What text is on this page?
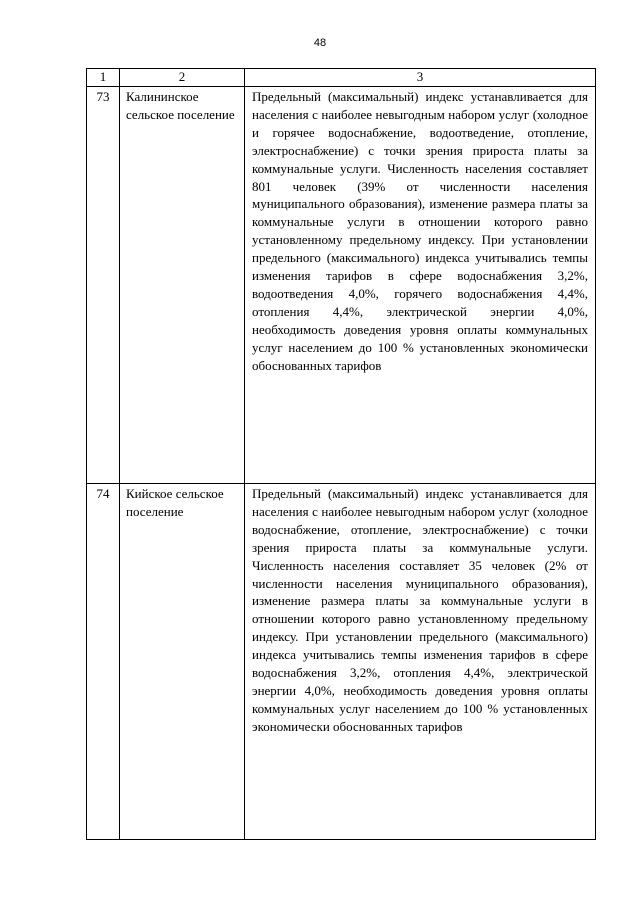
48
1	2	3
73	Калининское сельское поселение	Предельный (максимальный) индекс устанавливается для населения с наиболее невыгодным набором услуг (холодное и горячее водоснабжение, водоотведение, отопление, электроснабжение) с точки зрения прироста платы за коммунальные услуги. Численность населения составляет 801 человек (39% от численности населения муниципального образования), изменение размера платы за коммунальные услуги в отношении которого равно установленному предельному индексу. При установлении предельного (максимального) индекса учитывались темпы изменения тарифов в сфере водоснабжения 3,2%, водоотведения 4,0%, горячего водоснабжения 4,4%, отопления 4,4%, электрической энергии 4,0%, необходимость доведения уровня оплаты коммунальных услуг населением до 100 % установленных экономически обоснованных тарифов
74	Кийское сельское поселение	Предельный (максимальный) индекс устанавливается для населения с наиболее невыгодным набором услуг (холодное водоснабжение, отопление, электроснабжение) с точки зрения прироста платы за коммунальные услуги. Численность населения составляет 35 человек (2% от численности населения муниципального образования), изменение размера платы за коммунальные услуги в отношении которого равно установленному предельному индексу. При установлении предельного (максимального) индекса учитывались темпы изменения тарифов в сфере водоснабжения 3,2%, отопления 4,4%, электрической энергии 4,0%, необходимость доведения уровня оплаты коммунальных услуг населением до 100 % установленных экономически обоснованных тарифов
